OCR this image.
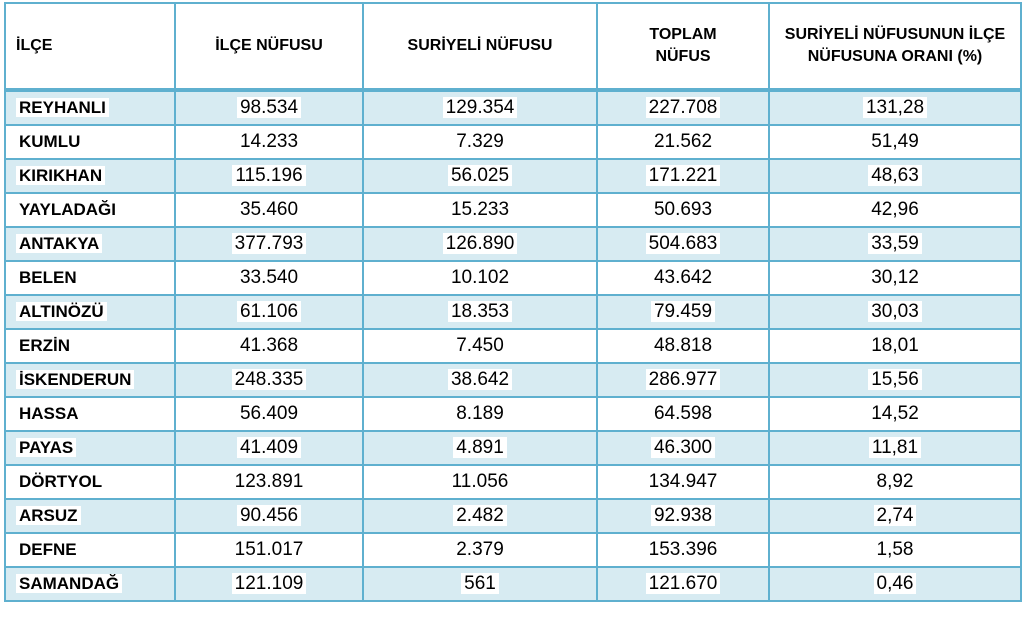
İLÇE	İLÇE NÜFUSU	SURİYELİ NÜFUSU	TOPLAM NÜFUS	SURİYELİ NÜFUSUNUN İLÇE NÜFUSUNA ORANI (%)
REYHANLI	98.534	129.354	227.708	131,28
KUMLU	14.233	7.329	21.562	51,49
KIRIKHAN	115.196	56.025	171.221	48,63
YAYLADAĞI	35.460	15.233	50.693	42,96
ANTAKYA	377.793	126.890	504.683	33,59
BELEN	33.540	10.102	43.642	30,12
ALTINÖZÜ	61.106	18.353	79.459	30,03
ERZİN	41.368	7.450	48.818	18,01
İSKENDERUN	248.335	38.642	286.977	15,56
HASSA	56.409	8.189	64.598	14,52
PAYAS	41.409	4.891	46.300	11,81
DÖRTYOL	123.891	11.056	134.947	8,92
ARSUZ	90.456	2.482	92.938	2,74
DEFNE	151.017	2.379	153.396	1,58
SAMANDAĞ	121.109	561	121.670	0,46
